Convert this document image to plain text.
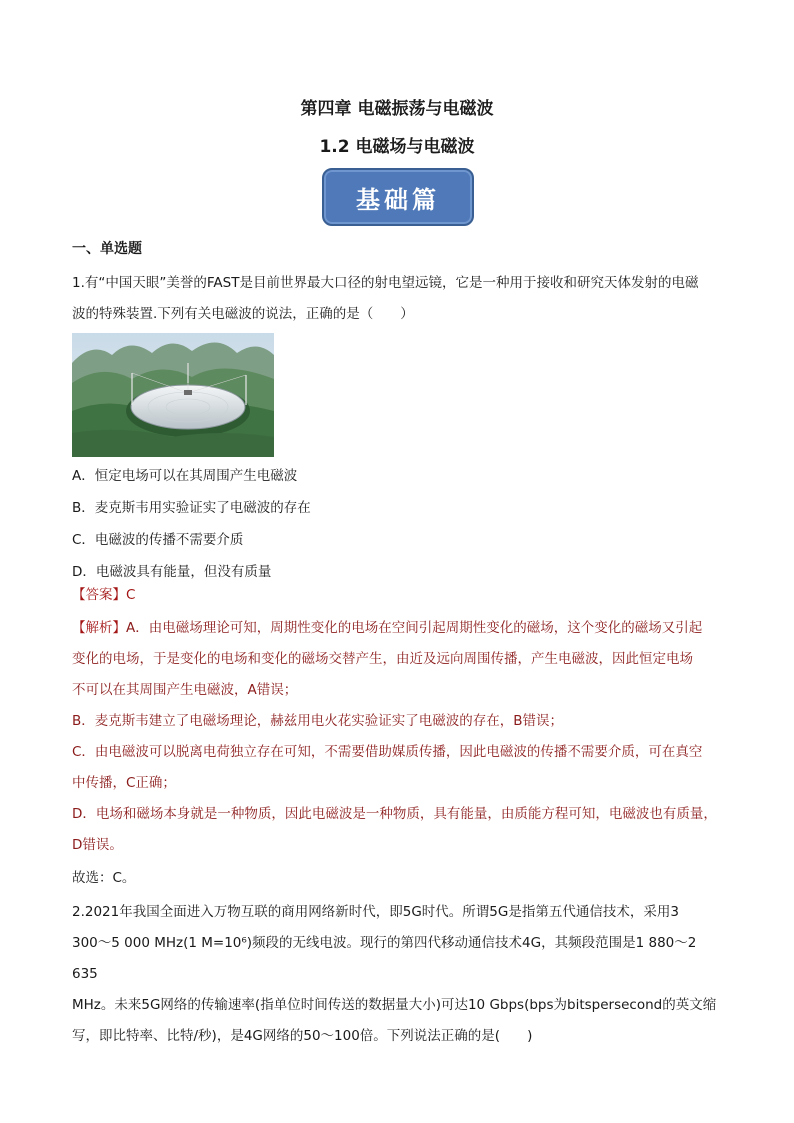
第四章 电磁振荡与电磁波
1.2 电磁场与电磁波
基础篇
一、单选题
1.有“中国天眼”美誉的FAST是目前世界最大口径的射电望远镜，它是一种用于接收和研究天体发射的电磁
波的特殊装置.下列有关电磁波的说法，正确的是（　　）
A．恒定电场可以在其周围产生电磁波
B．麦克斯韦用实验证实了电磁波的存在
C．电磁波的传播不需要介质
D．电磁波具有能量，但没有质量
【答案】C

【解析】A．由电磁场理论可知，周期性变化的电场在空间引起周期性变化的磁场，这个变化的磁场又引起

变化的电场，于是变化的电场和变化的磁场交替产生，由近及远向周围传播，产生电磁波，因此恒定电场

不可以在其周围产生电磁波，A错误；

B．麦克斯韦建立了电磁场理论，赫兹用电火花实验证实了电磁波的存在，B错误；

C．由电磁波可以脱离电荷独立存在可知，不需要借助媒质传播，因此电磁波的传播不需要介质，可在真空

中传播，C正确；

D．电场和磁场本身就是一种物质，因此电磁波是一种物质，具有能量，由质能方程可知，电磁波也有质量，

D错误。

故选：C。
2.2021年我国全面进入万物互联的商用网络新时代，即5G时代。所谓5G是指第五代通信技术，采用3
300～5 000 MHz(1 M=10⁶)频段的无线电波。现行的第四代移动通信技术4G，其频段范围是1 880～2 635
MHz。未来5G网络的传输速率(指单位时间传送的数据量大小)可达10 Gbps(bps为bitspersecond的英文缩
写，即比特率、比特/秒)，是4G网络的50～100倍。下列说法正确的是(　　)
